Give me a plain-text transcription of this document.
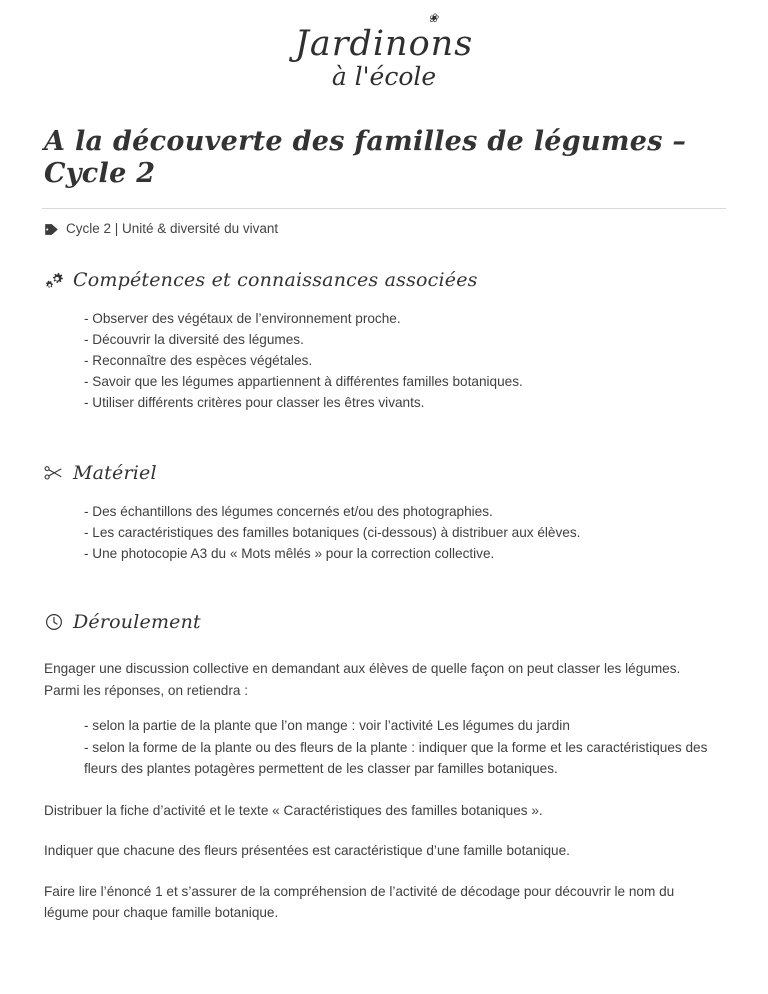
❀
Jardinons
à l'école
A la découverte des familles de légumes – Cycle 2
Cycle 2 | Unité & diversité du vivant
Compétences et connaissances associées
- Observer des végétaux de l’environnement proche.
- Découvrir la diversité des légumes.
- Reconnaître des espèces végétales.
- Savoir que les légumes appartiennent à différentes familles botaniques.
- Utiliser différents critères pour classer les êtres vivants.
Matériel
- Des échantillons des légumes concernés et/ou des photographies.
- Les caractéristiques des familles botaniques (ci-dessous) à distribuer aux élèves.
- Une photocopie A3 du « Mots mêlés » pour la correction collective.
Déroulement

Engager une discussion collective en demandant aux élèves de quelle façon on peut classer les légumes. Parmi les réponses, on retiendra :

- selon la partie de la plante que l’on mange : voir l’activité Les légumes du jardin
- selon la forme de la plante ou des fleurs de la plante : indiquer que la forme et les caractéristiques des fleurs des plantes potagères permettent de les classer par familles botaniques.

Distribuer la fiche d’activité et le texte « Caractéristiques des familles botaniques ».

Indiquer que chacune des fleurs présentées est caractéristique d’une famille botanique.

Faire lire l’énoncé 1 et s’assurer de la compréhension de l’activité de décodage pour découvrir le nom du légume pour chaque famille botanique.
